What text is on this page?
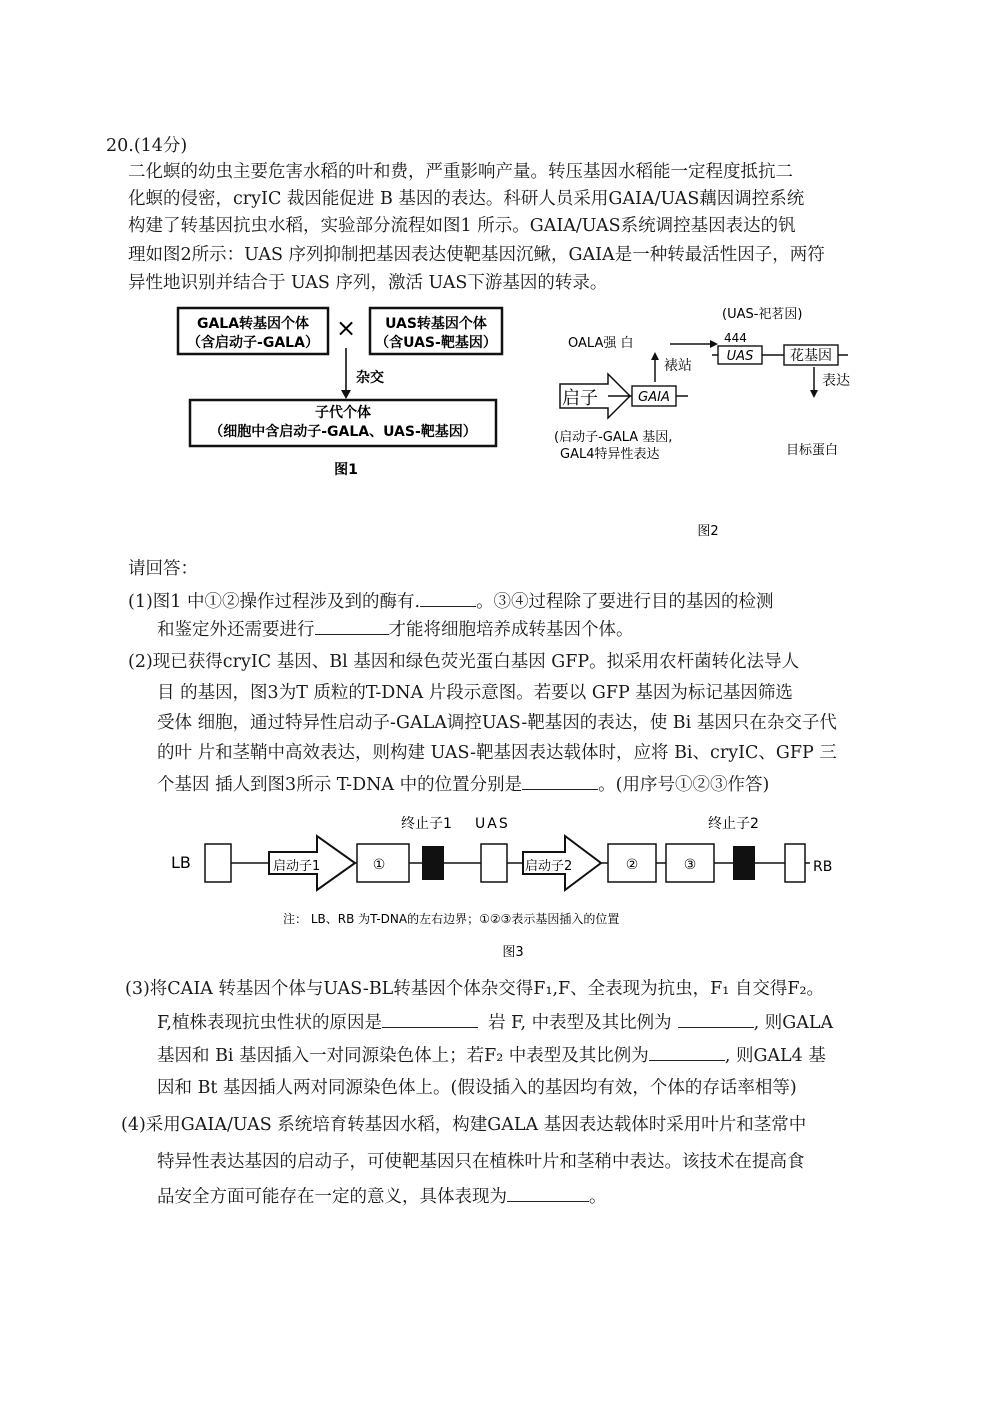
20.(14分)
二化螟的幼虫主要危害水稻的叶和费，严重影响产量。转压基因水稻能一定程度抵抗二
化螟的侵密，cryIC 裁因能促进 B 基因的表达。科研人员采用GAIA/UAS藕因调控系统
构建了转基因抗虫水稻，实验部分流程如图1 所示。GAIA/UAS系统调控基因表达的钒
理如图2所示：UAS 序列抑制把基因表达使靶基因沉鳅，GAIA是一种转最活性因子，两符
异性地识别并结合于 UAS 序列，激活 UAS下游基因的转录。
GALA转基因个体
（含启动子-GALA）
× UAS转基因个体
（含UAS-靶基因）
杂交
子代个体
（细胞中含启动子-GALA、UAS-靶基因）
图1
(UAS-祀茗因)
OALA强 白	444
UAS	花基因
表达
裱站
启子	GAIA
(启动子-GALA 基因,
GAL4特异性表达	目标蛋白
图2
请回答：
(1)图1 中①②操作过程涉及到的酶有.	。③④过程除了要进行目的基因的检测
和鉴定外还需要进行	才能将细胞培养成转基因个体。
(2)现已获得cryIC 基因、Bl 基因和绿色荧光蛋白基因 GFP。拟采用农杆菌转化法导人
目 的基因，图3为T 质粒的T-DNA 片段示意图。若要以 GFP 基因为标记基因筛选
受体 细胞，通过特异性启动子-GALA调控UAS-靶基因的表达，使 Bi 基因只在杂交子代
的叶 片和茎鞘中高效表达，则构建 UAS-靶基因表达载体时，应将 Bi、cryIC、GFP 三
个基因 插人到图3所示 T-DNA 中的位置分别是	。(用序号①②③作答)
终止子1 UAS	终止子2
LB	启动子1	①	启动子2	②	③	RB
注： LB、RB 为T-DNA的左右边界；①②③表示基因插入的位置
图3
(3)将CAIA 转基因个体与UAS-BL转基因个体杂交得F₁,F、全表现为抗虫，F₁ 自交得F₂。
F,植株表现抗虫性状的原因是	岩 F, 中表型及其比例为	, 则GALA
基因和 Bi 基因插入一对同源染色体上；若F₂ 中表型及其比例为	, 则GAL4 基
因和 Bt 基因插人两对同源染色体上。(假设插入的基因均有效，个体的存话率相等)
(4)采用GAIA/UAS 系统培育转基因水稻，构建GALA 基因表达载体时采用叶片和茎常中
特异性表达基因的启动子，可使靶基因只在植株叶片和茎稍中表达。该技术在提高食
品安全方面可能存在一定的意义，具体表现为	。
